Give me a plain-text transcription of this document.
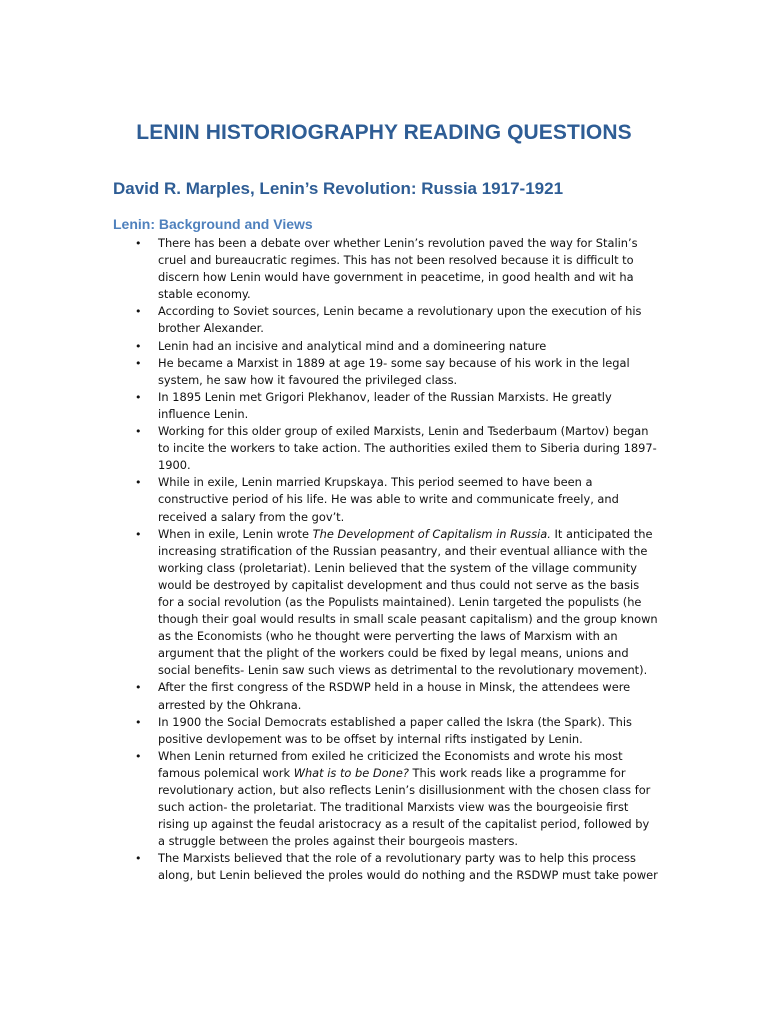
LENIN HISTORIOGRAPHY READING QUESTIONS
David R. Marples, Lenin’s Revolution: Russia 1917-1921
Lenin: Background and Views
• There has been a debate over whether Lenin’s revolution paved the way for Stalin’s cruel and bureaucratic regimes. This has not been resolved because it is difficult to discern how Lenin would have government in peacetime, in good health and wit ha stable economy.
• According to Soviet sources, Lenin became a revolutionary upon the execution of his brother Alexander.
• Lenin had an incisive and analytical mind and a domineering nature
• He became a Marxist in 1889 at age 19- some say because of his work in the legal system, he saw how it favoured the privileged class.
• In 1895 Lenin met Grigori Plekhanov, leader of the Russian Marxists. He greatly influence Lenin.
• Working for this older group of exiled Marxists, Lenin and Tsederbaum (Martov) began to incite the workers to take action. The authorities exiled them to Siberia during 1897-1900.
• While in exile, Lenin married Krupskaya. This period seemed to have been a constructive period of his life. He was able to write and communicate freely, and received a salary from the gov’t.
• When in exile, Lenin wrote The Development of Capitalism in Russia. It anticipated the increasing stratification of the Russian peasantry, and their eventual alliance with the working class (proletariat). Lenin believed that the system of the village community would be destroyed by capitalist development and thus could not serve as the basis for a social revolution (as the Populists maintained). Lenin targeted the populists (he though their goal would results in small scale peasant capitalism) and the group known as the Economists (who he thought were perverting the laws of Marxism with an argument that the plight of the workers could be fixed by legal means, unions and social benefits- Lenin saw such views as detrimental to the revolutionary movement).
• After the first congress of the RSDWP held in a house in Minsk, the attendees were arrested by the Ohkrana.
• In 1900 the Social Democrats established a paper called the Iskra (the Spark). This positive devlopement was to be offset by internal rifts instigated by Lenin.
• When Lenin returned from exiled he criticized the Economists and wrote his most famous polemical work What is to be Done? This work reads like a programme for revolutionary action, but also reflects Lenin’s disillusionment with the chosen class for such action- the proletariat. The traditional Marxists view was the bourgeoisie first rising up against the feudal aristocracy as a result of the capitalist period, followed by a struggle between the proles against their bourgeois masters.
• The Marxists believed that the role of a revolutionary party was to help this process along, but Lenin believed the proles would do nothing and the RSDWP must take power
